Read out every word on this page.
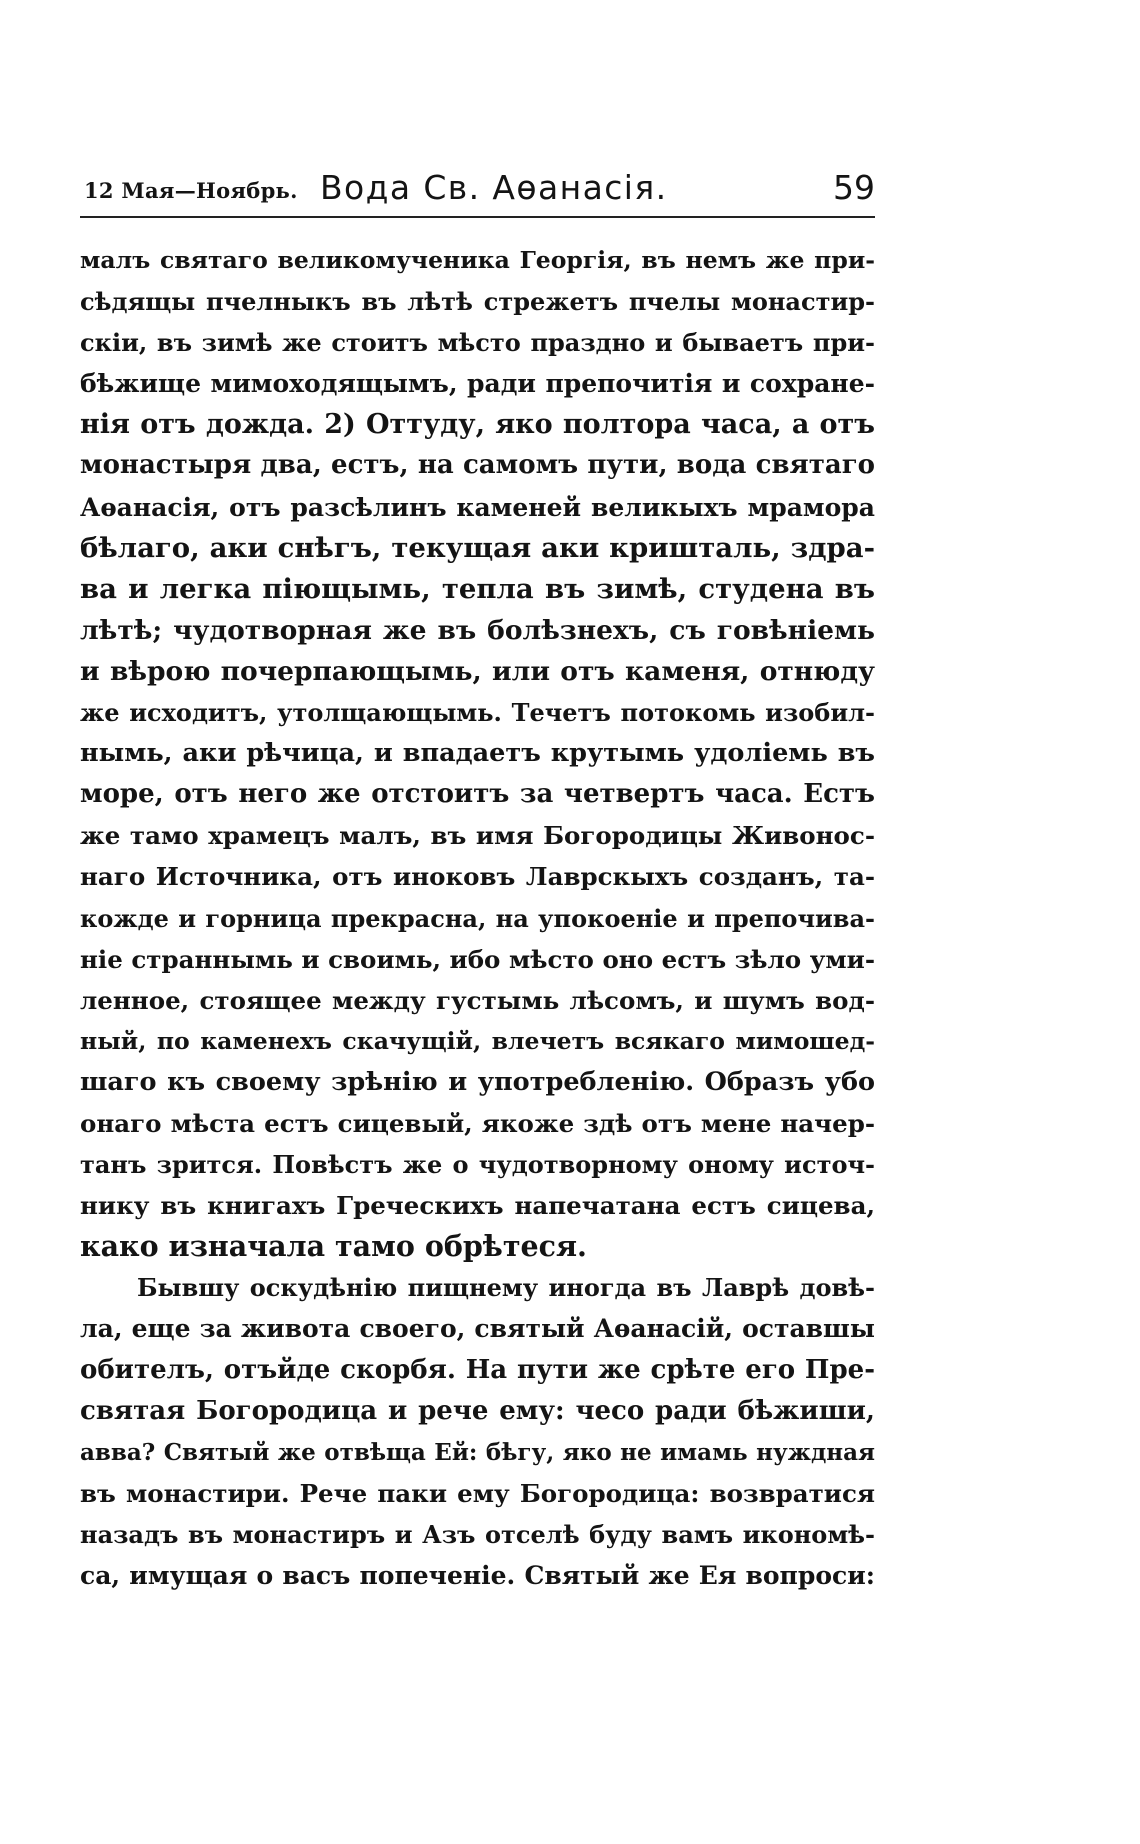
12 Мая—Ноябрь. Вода Св. Аѳанасія.	59
малъ святаго великомученика Георгія, въ немъ же при-
сѣдящы пчелныкъ въ лѣтѣ стрежетъ пчелы монастир-
скіи, въ зимѣ же стоитъ мѣсто праздно и бываетъ при-
бѣжище мимоходящымъ, ради препочитія и сохране-
нія отъ дожда. 2) Оттуду, яко полтора часа, а отъ
монастыря два, естъ, на самомъ пути, вода святаго
Аѳанасія, отъ разсѣлинъ каменей великыхъ мрамора
бѣлаго, аки снѣгъ, текущая аки кришталь, здра-
ва и легка піющымь, тепла въ зимѣ, студена въ
лѣтѣ; чудотворная же въ болѣзнехъ, съ говѣніемь
и вѣрою почерпающымь, или отъ каменя, отнюду
же исходитъ, утолщающымь. Течетъ потокомь изобил-
нымь, аки рѣчица, и впадаетъ крутымь удоліемь въ
море, отъ него же отстоитъ за четвертъ часа. Естъ
же тамо храмецъ малъ, въ имя Богородицы Живонос-
наго Источника, отъ иноковъ Лаврскыхъ созданъ, та-
кожде и горница прекрасна, на упокоеніе и препочива-
ніе страннымь и своимь, ибо мѣсто оно естъ зѣло уми-
ленное, стоящее между густымь лѣсомъ, и шумъ вод-
ный, по каменехъ скачущій, влечетъ всякаго мимошед-
шаго къ своему зрѣнію и употребленію. Образъ убо
онаго мѣста естъ сицевый, якоже здѣ отъ мене начер-
танъ зрится. Повѣстъ же о чудотворному оному источ-
нику въ книгахъ Греческихъ напечатана естъ сицева,
како изначала тамо обрѣтеся.
Бывшу оскудѣнію пищнему иногда въ Лаврѣ довѣ-
ла, еще за живота своего, святый Аѳанасій, оставшы
обителъ, отъйде скорбя. На пути же срѣте его Пре-
святая Богородица и рече ему: чесо ради бѣжиши,
авва? Святый же отвѣща Ей: бѣгу, яко не имамь нуждная
въ монастири. Рече паки ему Богородица: возвратися
назадъ въ монастиръ и Азъ отселѣ буду вамъ икономѣ-
са, имущая о васъ попеченіе. Святый же Ея вопроси:
